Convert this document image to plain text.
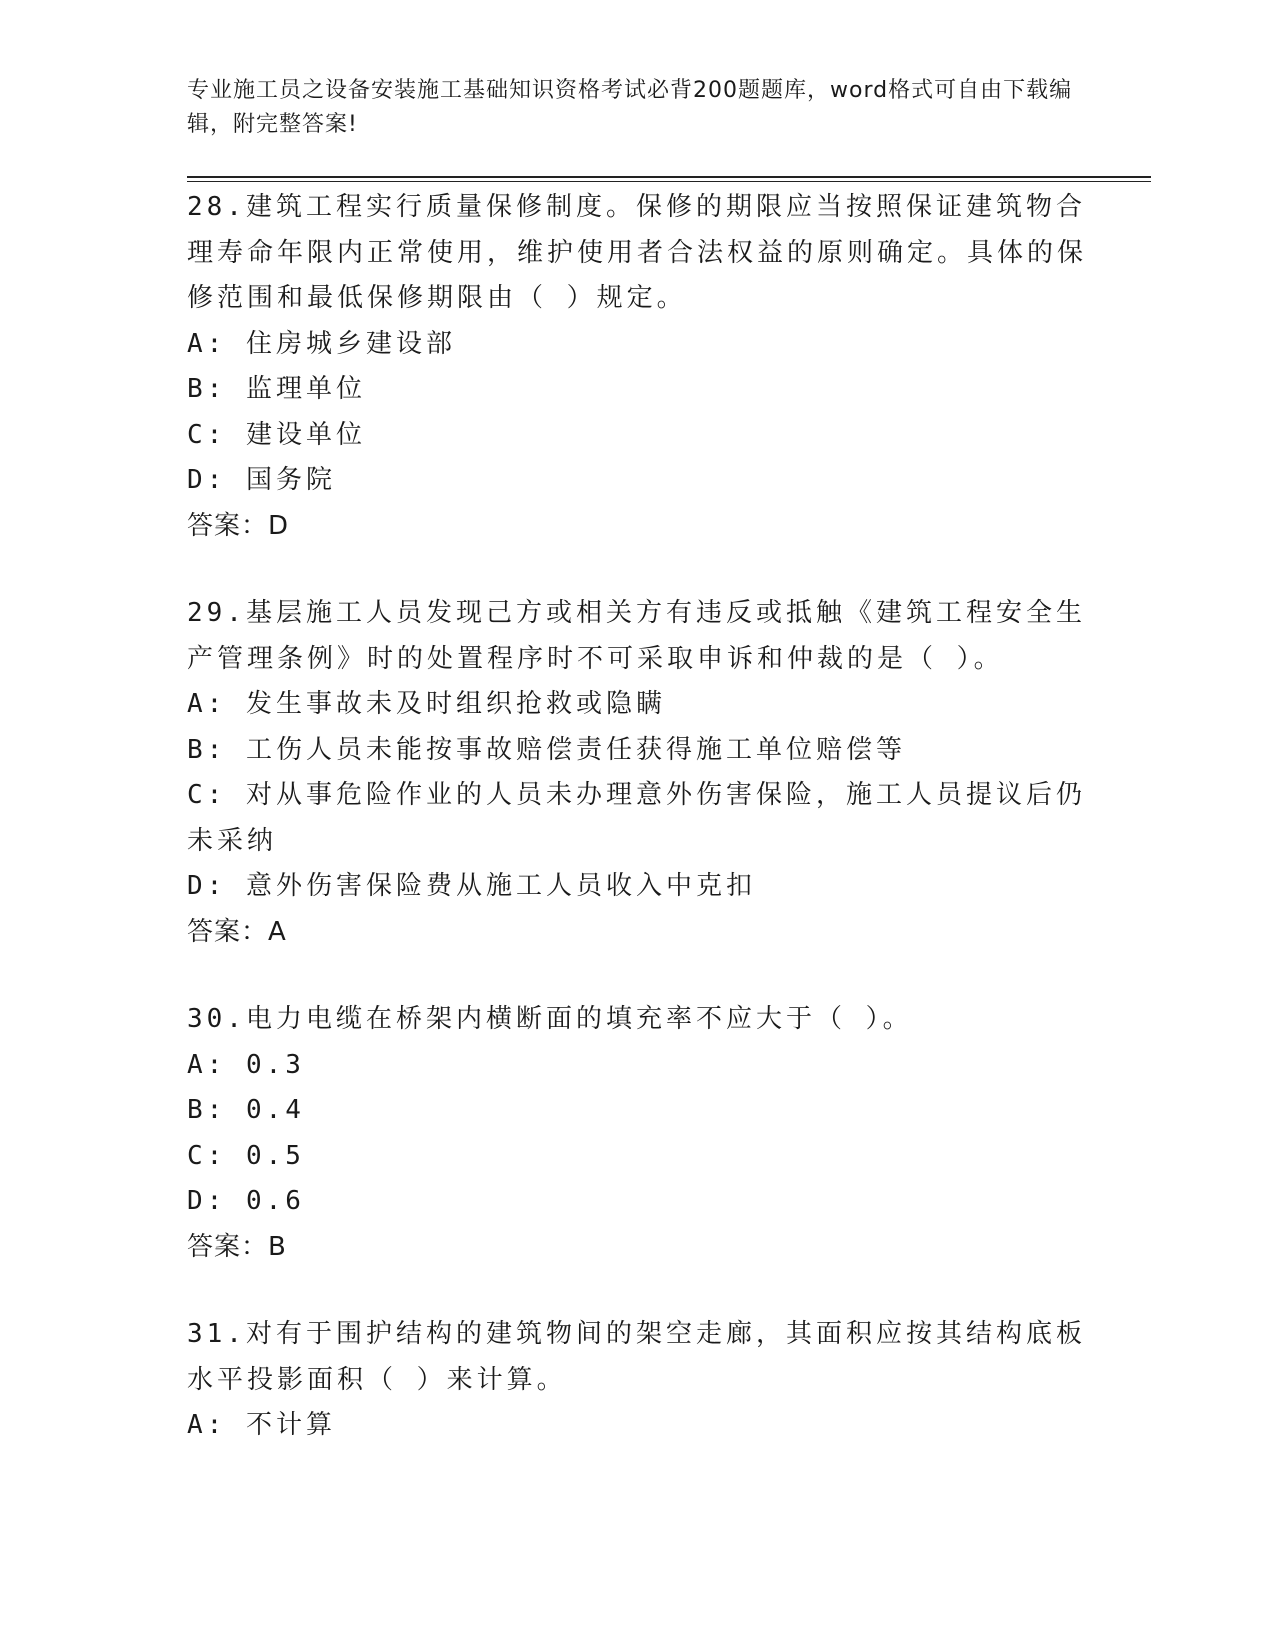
专业施工员之设备安装施工基础知识资格考试必背200题题库，word格式可自由下载编辑，附完整答案!

28.建筑工程实行质量保修制度。保修的期限应当按照保证建筑物合理寿命年限内正常使用，维护使用者合法权益的原则确定。具体的保修范围和最低保修期限由（ ）规定。

A: 住房城乡建设部

B: 监理单位

C: 建设单位

D: 国务院

答案：D

29.基层施工人员发现己方或相关方有违反或抵触《建筑工程安全生产管理条例》时的处置程序时不可采取申诉和仲裁的是（ ）。

A: 发生事故未及时组织抢救或隐瞒

B: 工伤人员未能按事故赔偿责任获得施工单位赔偿等

C: 对从事危险作业的人员未办理意外伤害保险，施工人员提议后仍未采纳

D: 意外伤害保险费从施工人员收入中克扣

答案：A

30.电力电缆在桥架内横断面的填充率不应大于（ ）。

A: 0.3

B: 0.4

C: 0.5

D: 0.6

答案：B

31.对有于围护结构的建筑物间的架空走廊，其面积应按其结构底板水平投影面积（ ）来计算。

A: 不计算
